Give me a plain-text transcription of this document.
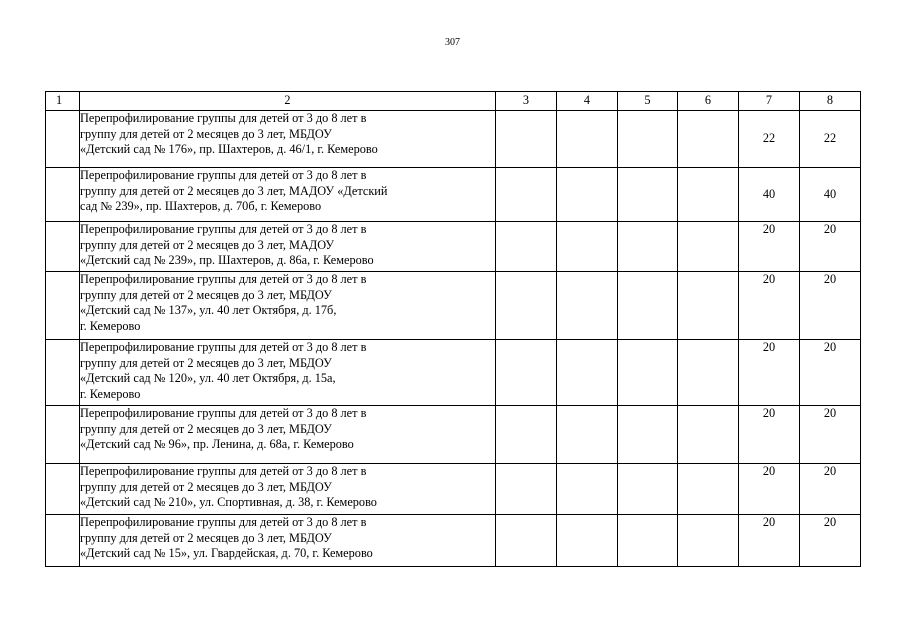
307
1	2	3	4	5	6	7	8

	Перепрофилирование группы для детей от 3 до 8 лет в
группу для детей от 2 месяцев до 3 лет, МБДОУ
«Детский сад № 176», пр. Шахтеров, д. 46/1, г. Кемерово					22	22

	Перепрофилирование группы для детей от 3 до 8 лет в
группу для детей от 2 месяцев до 3 лет, МАДОУ «Детский
сад № 239», пр. Шахтеров, д. 70б, г. Кемерово					40	40

	Перепрофилирование группы для детей от 3 до 8 лет в
группу для детей от 2 месяцев до 3 лет, МАДОУ
«Детский сад № 239», пр. Шахтеров, д. 86а, г. Кемерово					20	20

	Перепрофилирование группы для детей от 3 до 8 лет в
группу для детей от 2 месяцев до 3 лет, МБДОУ
«Детский сад № 137», ул. 40 лет Октября, д. 17б,
г. Кемерово					20	20

	Перепрофилирование группы для детей от 3 до 8 лет в
группу для детей от 2 месяцев до 3 лет, МБДОУ
«Детский сад № 120», ул. 40 лет Октября, д. 15а,
г. Кемерово					20	20

	Перепрофилирование группы для детей от 3 до 8 лет в
группу для детей от 2 месяцев до 3 лет, МБДОУ
«Детский сад № 96», пр. Ленина, д. 68а, г. Кемерово					20	20

	Перепрофилирование группы для детей от 3 до 8 лет в
группу для детей от 2 месяцев до 3 лет, МБДОУ
«Детский сад № 210», ул. Спортивная, д. 38, г. Кемерово					20	20

	Перепрофилирование группы для детей от 3 до 8 лет в
группу для детей от 2 месяцев до 3 лет, МБДОУ
«Детский сад № 15», ул. Гвардейская, д. 70, г. Кемерово					20	20
